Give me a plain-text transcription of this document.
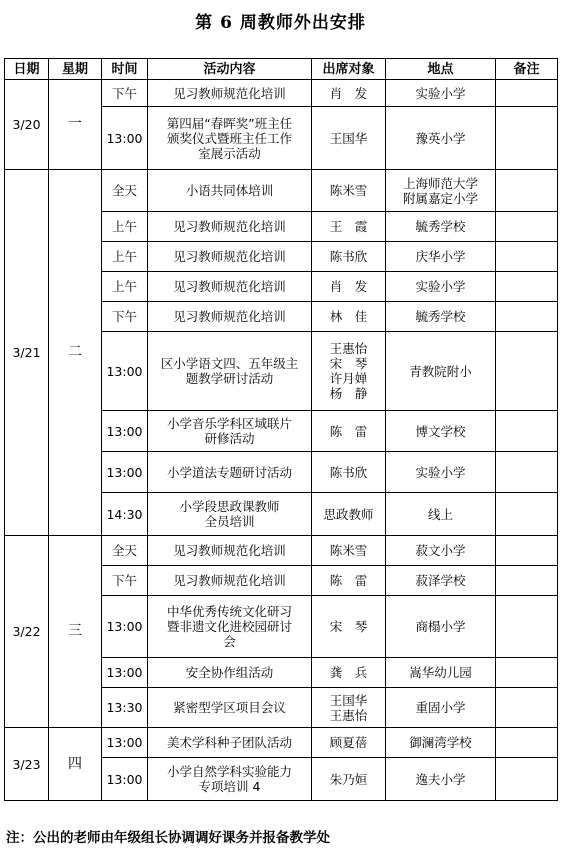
第 6 周教师外出安排
日期	星期	时间	活动内容	出席对象	地点	备注
3/20	一	下午	见习教师规范化培训	肖　发	实验小学	
		13:00	第四届“春晖奖”班主任
颁奖仪式暨班主任工作
室展示活动	王国华	豫英小学	
3/21	二	全天	小语共同体培训	陈米雪	上海师范大学
附属嘉定小学	
		上午	见习教师规范化培训	王　霞	毓秀学校	
		上午	见习教师规范化培训	陈书欣	庆华小学	
		上午	见习教师规范化培训	肖　发	实验小学	
		下午	见习教师规范化培训	林　佳	毓秀学校	
		13:00	区小学语文四、五年级主
题教学研讨活动	王惠怡
宋　琴
许月婵
杨　静	青教院附小	
		13:00	小学音乐学科区域联片
研修活动	陈　雷	博文学校	
		13:00	小学道法专题研讨活动	陈书欣	实验小学	
		14:30	小学段思政课教师
全员培训	思政教师	线上	
3/22	三	全天	见习教师规范化培训	陈米雪	菽文小学	
		下午	见习教师规范化培训	陈　雷	菽泽学校	
		13:00	中华优秀传统文化研习
暨非遗文化进校园研讨
会	宋　琴	商榻小学	
		13:00	安全协作组活动	龚　兵	嵩华幼儿园	
		13:30	紧密型学区项目会议	王国华
王惠怡	重固小学	
3/23	四	13:00	美术学科种子团队活动	顾夏蓓	御澜湾学校	
		13:00	小学自然学科实验能力
专项培训 4	朱乃姮	逸夫小学	
注：公出的老师由年级组长协调调好课务并报备教学处
